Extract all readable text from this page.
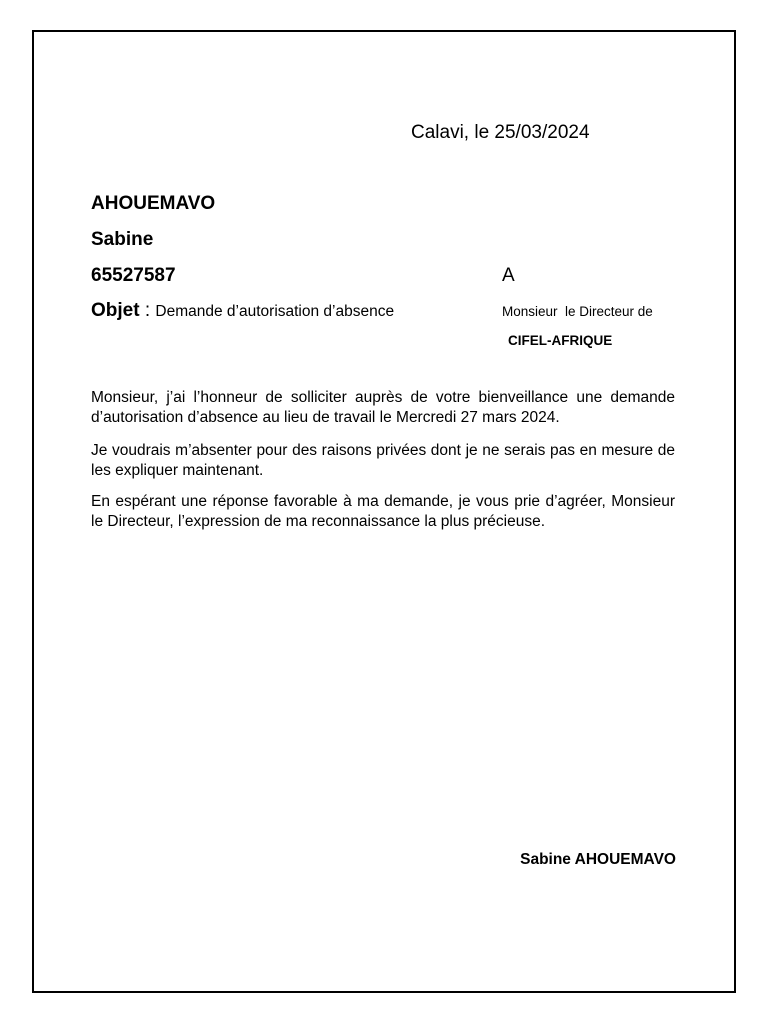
Calavi, le 25/03/2024
AHOUEMAVO
Sabine
65527587	A
Objet : Demande d’autorisation d’absence	Monsieur  le Directeur de
CIFEL-AFRIQUE

Monsieur, j’ai l’honneur de solliciter auprès de votre bienveillance une demande d’autorisation d’absence au lieu de travail le Mercredi 27 mars 2024.

Je voudrais m’absenter pour des raisons privées dont je ne serais pas en mesure de les expliquer maintenant.

En espérant une réponse favorable à ma demande, je vous prie d’agréer, Monsieur le Directeur, l’expression de ma reconnaissance la plus précieuse.

Sabine AHOUEMAVO
